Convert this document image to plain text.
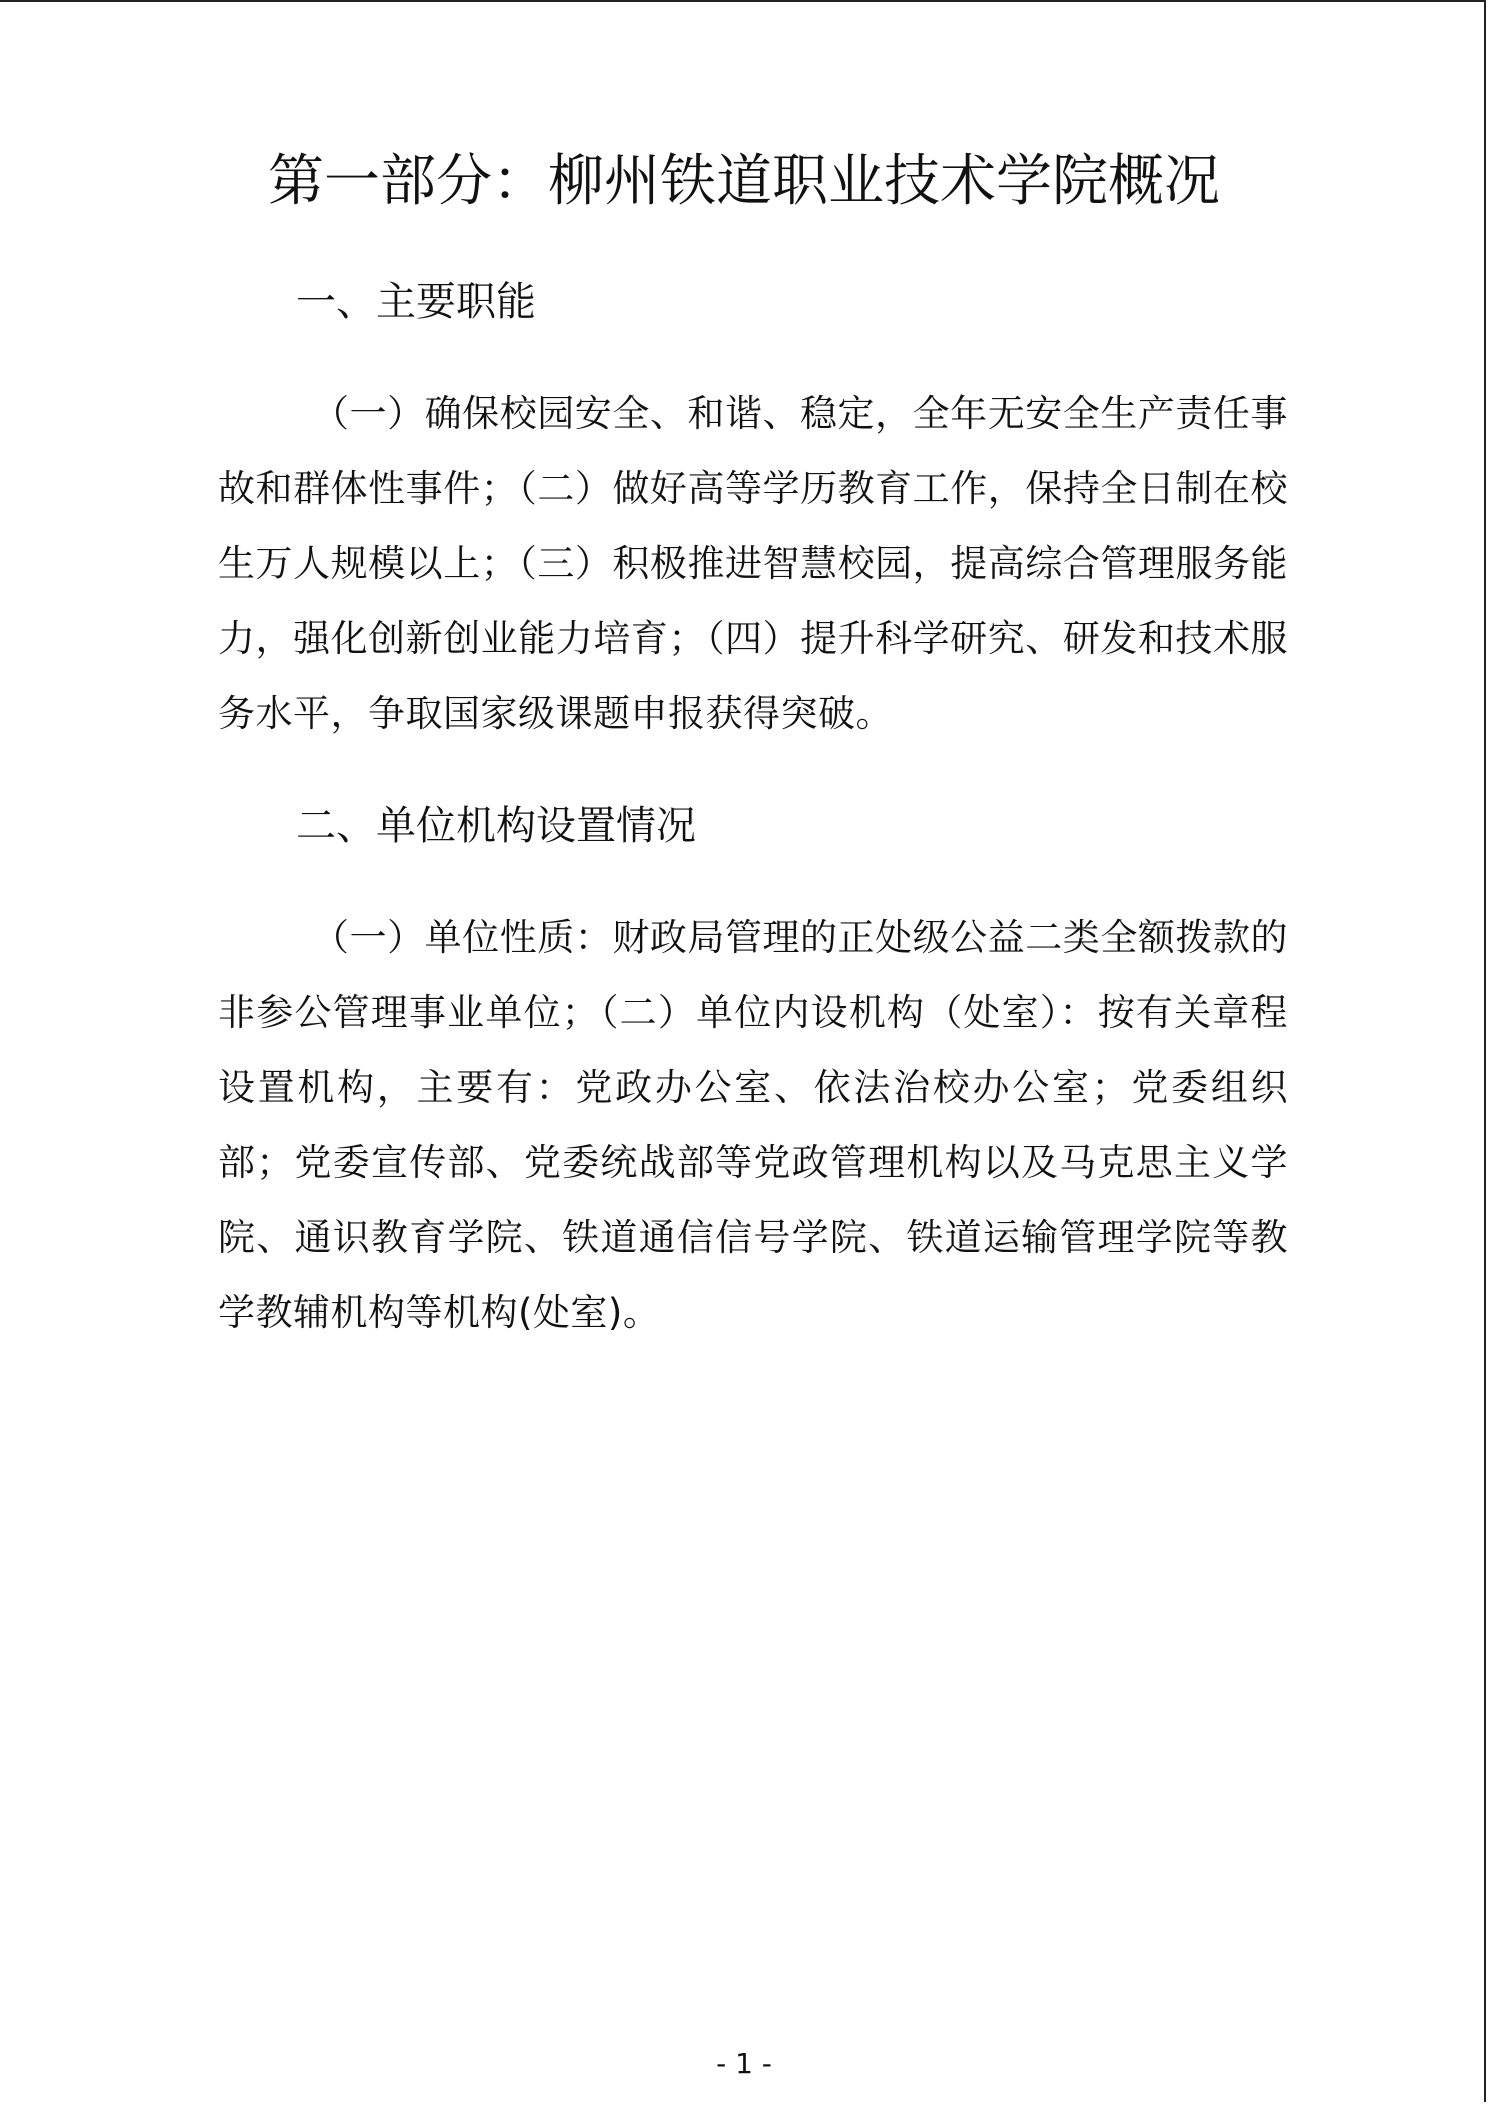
第一部分：柳州铁道职业技术学院概况
一、主要职能

（一）确保校园安全、和谐、稳定，全年无安全生产责任事故和群体性事件；（二）做好高等学历教育工作，保持全日制在校生万人规模以上；（三）积极推进智慧校园，提高综合管理服务能力，强化创新创业能力培育；（四）提升科学研究、研发和技术服务水平，争取国家级课题申报获得突破。

二、单位机构设置情况

（一）单位性质：财政局管理的正处级公益二类全额拨款的非参公管理事业单位；（二）单位内设机构（处室）：按有关章程设置机构，主要有：党政办公室、依法治校办公室；党委组织部；党委宣传部、党委统战部等党政管理机构以及马克思主义学院、通识教育学院、铁道通信信号学院、铁道运输管理学院等教学教辅机构等机构(处室)。

- 1 -
